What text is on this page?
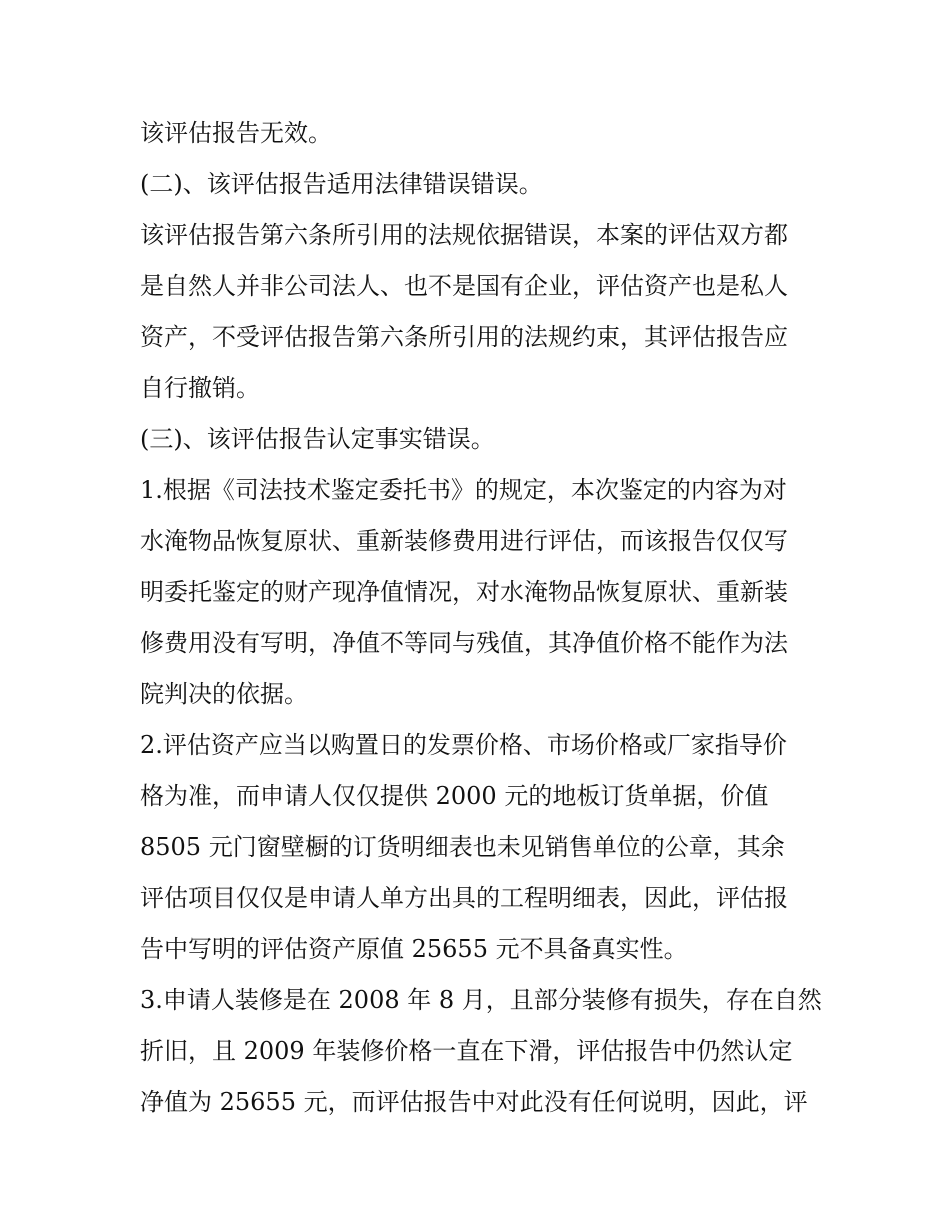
该评估报告无效。
(二)、该评估报告适用法律错误错误。
该评估报告第六条所引用的法规依据错误，本案的评估双方都
是自然人并非公司法人、也不是国有企业，评估资产也是私人
资产，不受评估报告第六条所引用的法规约束，其评估报告应
自行撤销。
(三)、该评估报告认定事实错误。
1.根据《司法技术鉴定委托书》的规定，本次鉴定的内容为对
水淹物品恢复原状、重新装修费用进行评估，而该报告仅仅写
明委托鉴定的财产现净值情况，对水淹物品恢复原状、重新装
修费用没有写明，净值不等同与残值，其净值价格不能作为法
院判决的依据。
2.评估资产应当以购置日的发票价格、市场价格或厂家指导价
格为准，而申请人仅仅提供 2000 元的地板订货单据，价值
8505 元门窗壁橱的订货明细表也未见销售单位的公章，其余
评估项目仅仅是申请人单方出具的工程明细表，因此，评估报
告中写明的评估资产原值 25655 元不具备真实性。
3.申请人装修是在 2008 年 8 月，且部分装修有损失，存在自然
折旧，且 2009 年装修价格一直在下滑，评估报告中仍然认定
净值为 25655 元，而评估报告中对此没有任何说明，因此，评
